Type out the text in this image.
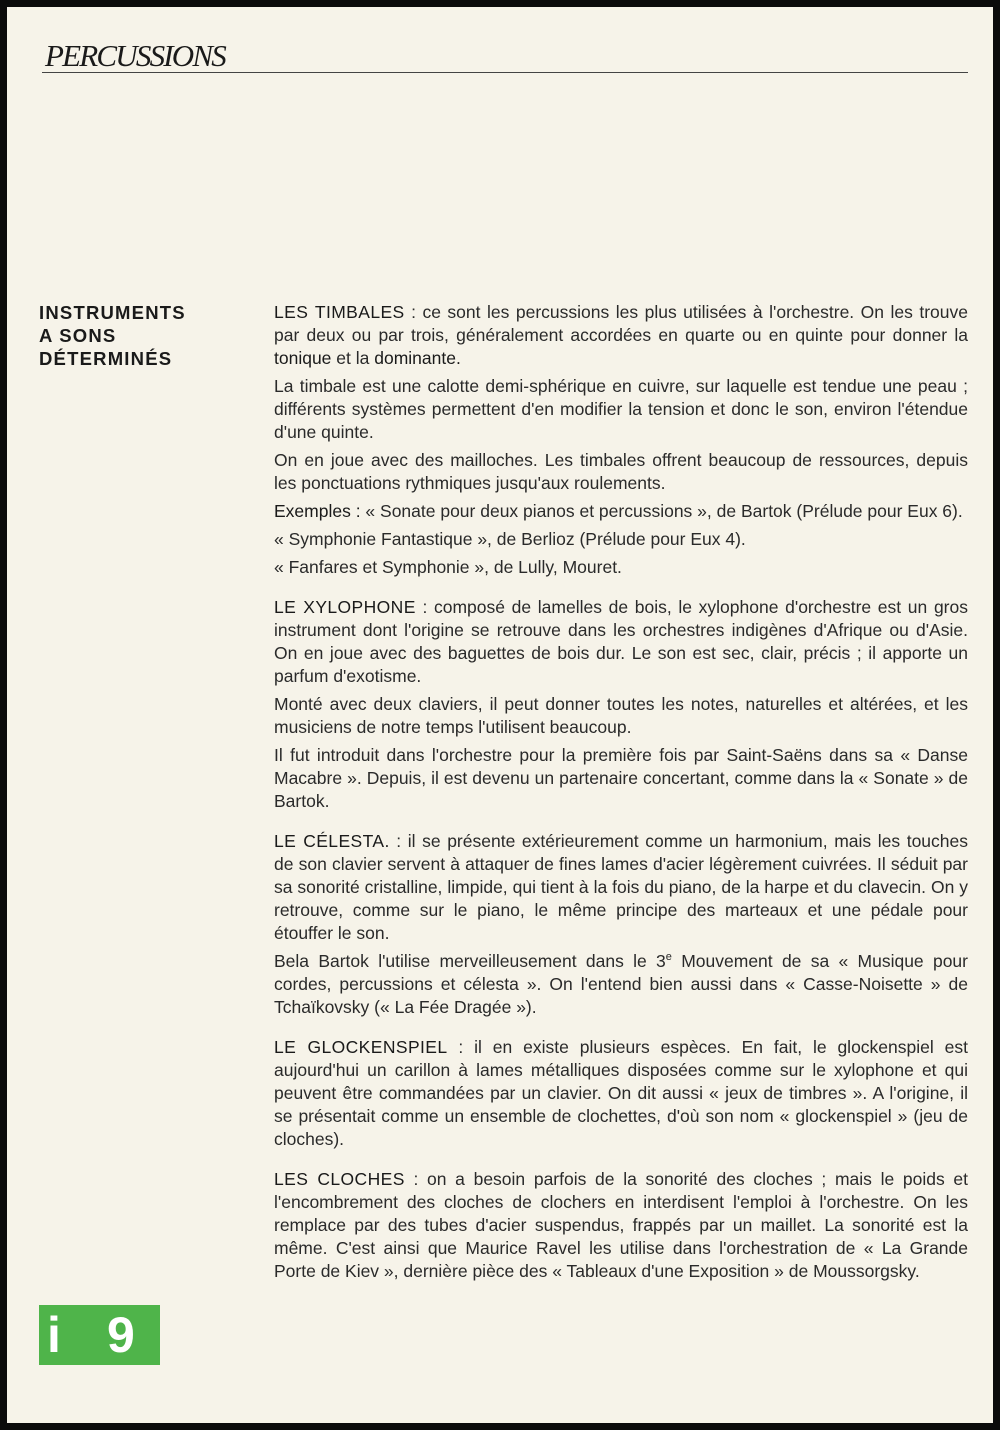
PERCUSSIONS
INSTRUMENTS
A SONS
DÉTERMINÉS

LES TIMBALES : ce sont les percussions les plus utilisées à l'orchestre. On les trouve par deux ou par trois, généralement accordées en quarte ou en quinte pour donner la tonique et la dominante.

La timbale est une calotte demi-sphérique en cuivre, sur laquelle est tendue une peau ; différents systèmes permettent d'en modifier la tension et donc le son, environ l'étendue d'une quinte.

On en joue avec des mailloches. Les timbales offrent beaucoup de ressources, depuis les ponctuations rythmiques jusqu'aux roulements.

Exemples : « Sonate pour deux pianos et percussions », de Bartok (Prélude pour Eux 6).

« Symphonie Fantastique », de Berlioz (Prélude pour Eux 4).

« Fanfares et Symphonie », de Lully, Mouret.

LE XYLOPHONE : composé de lamelles de bois, le xylophone d'orchestre est un gros instrument dont l'origine se retrouve dans les orchestres indigènes d'Afrique ou d'Asie. On en joue avec des baguettes de bois dur. Le son est sec, clair, précis ; il apporte un parfum d'exotisme.

Monté avec deux claviers, il peut donner toutes les notes, naturelles et altérées, et les musiciens de notre temps l'utilisent beaucoup.

Il fut introduit dans l'orchestre pour la première fois par Saint-Saëns dans sa « Danse Macabre ». Depuis, il est devenu un partenaire concertant, comme dans la « Sonate » de Bartok.

LE CÉLESTA. : il se présente extérieurement comme un harmonium, mais les touches de son clavier servent à attaquer de fines lames d'acier légèrement cuivrées. Il séduit par sa sonorité cristalline, limpide, qui tient à la fois du piano, de la harpe et du clavecin. On y retrouve, comme sur le piano, le même principe des marteaux et une pédale pour étouffer le son.

Bela Bartok l'utilise merveilleusement dans le 3e Mouvement de sa « Musique pour cordes, percussions et célesta ». On l'entend bien aussi dans « Casse-Noisette » de Tchaïkovsky (« La Fée Dragée »).

LE GLOCKENSPIEL : il en existe plusieurs espèces. En fait, le glockenspiel est aujourd'hui un carillon à lames métalliques disposées comme sur le xylophone et qui peuvent être commandées par un clavier. On dit aussi « jeux de timbres ». A l'origine, il se présentait comme un ensemble de clochettes, d'où son nom « glockenspiel » (jeu de cloches).

LES CLOCHES : on a besoin parfois de la sonorité des cloches ; mais le poids et l'encombrement des cloches de clochers en interdisent l'emploi à l'orchestre. On les remplace par des tubes d'acier suspendus, frappés par un maillet. La sonorité est la même. C'est ainsi que Maurice Ravel les utilise dans l'orchestration de « La Grande Porte de Kiev », dernière pièce des « Tableaux d'une Exposition » de Moussorgsky.

i 9
